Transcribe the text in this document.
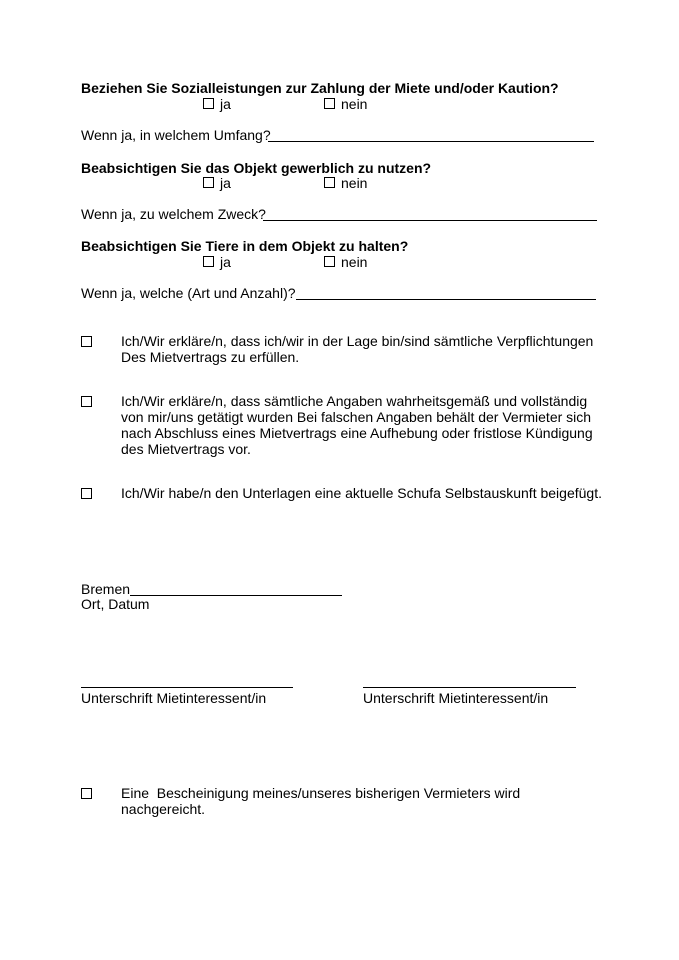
Beziehen Sie Sozialleistungen zur Zahlung der Miete und/oder Kaution?
ja	nein
Wenn ja, in welchem Umfang?
Beabsichtigen Sie das Objekt gewerblich zu nutzen?
ja	nein
Wenn ja, zu welchem Zweck?
Beabsichtigen Sie Tiere in dem Objekt zu halten?
ja	nein
Wenn ja, welche (Art und Anzahl)?
Ich/Wir erkläre/n, dass ich/wir in der Lage bin/sind sämtliche Verpflichtungen Des Mietvertrags zu erfüllen.
Ich/Wir erkläre/n, dass sämtliche Angaben wahrheitsgemäß und vollständig von mir/uns getätigt wurden Bei falschen Angaben behält der Vermieter sich nach Abschluss eines Mietvertrags eine Aufhebung oder fristlose Kündigung des Mietvertrags vor.
Ich/Wir habe/n den Unterlagen eine aktuelle Schufa Selbstauskunft beigefügt.
Bremen
Ort, Datum
Unterschrift Mietinteressent/in	Unterschrift Mietinteressent/in
Eine  Bescheinigung meines/unseres bisherigen Vermieters wird nachgereicht.
